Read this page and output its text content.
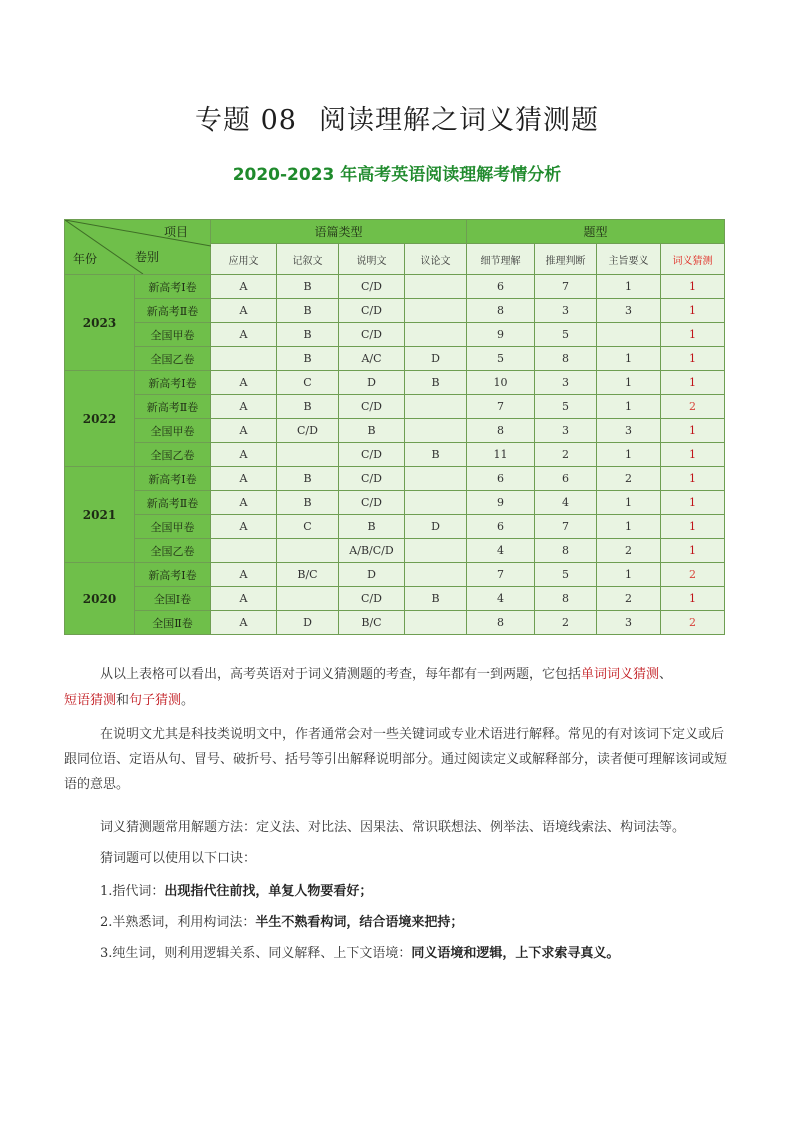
专题 08 阅读理解之词义猜测题
2020-2023 年高考英语阅读理解考情分析
项目
卷别
年份		语篇类型				题型			
		应用文	记叙文	说明文	议论文	细节理解	推理判断	主旨要义	词义猜测
2023	新高考Ⅰ卷	A	B	C/D		6	7	1	1
	新高考Ⅱ卷	A	B	C/D		8	3	3	1
	全国甲卷	A	B	C/D		9	5		1
	全国乙卷		B	A/C	D	5	8	1	1
2022	新高考Ⅰ卷	A	C	D	B	10	3	1	1
	新高考Ⅱ卷	A	B	C/D		7	5	1	2
	全国甲卷	A	C/D	B		8	3	3	1
	全国乙卷	A		C/D	B	11	2	1	1
2021	新高考Ⅰ卷	A	B	C/D		6	6	2	1
	新高考Ⅱ卷	A	B	C/D		9	4	1	1
	全国甲卷	A	C	B	D	6	7	1	1
	全国乙卷			A/B/C/D		4	8	2	1
2020	新高考Ⅰ卷	A	B/C	D		7	5	1	2
	全国Ⅰ卷	A		C/D	B	4	8	2	1
	全国Ⅱ卷	A	D	B/C		8	2	3	2
从以上表格可以看出，高考英语对于词义猜测题的考查，每年都有一到两题，它包括单词词义猜测、
短语猜测和句子猜测。
在说明文尤其是科技类说明文中，作者通常会对一些关键词或专业术语进行解释。常见的有对该词下定义或后跟同位语、定语从句、冒号、破折号、括号等引出解释说明部分。通过阅读定义或解释部分，读者便可理解该词或短语的意思。
词义猜测题常用解题方法：定义法、对比法、因果法、常识联想法、例举法、语境线索法、构词法等。
猜词题可以使用以下口诀：
1.指代词：出现指代往前找，单复人物要看好；
2.半熟悉词，利用构词法：半生不熟看构词，结合语境来把持；
3.纯生词，则利用逻辑关系、同义解释、上下文语境：同义语境和逻辑，上下求索寻真义。
